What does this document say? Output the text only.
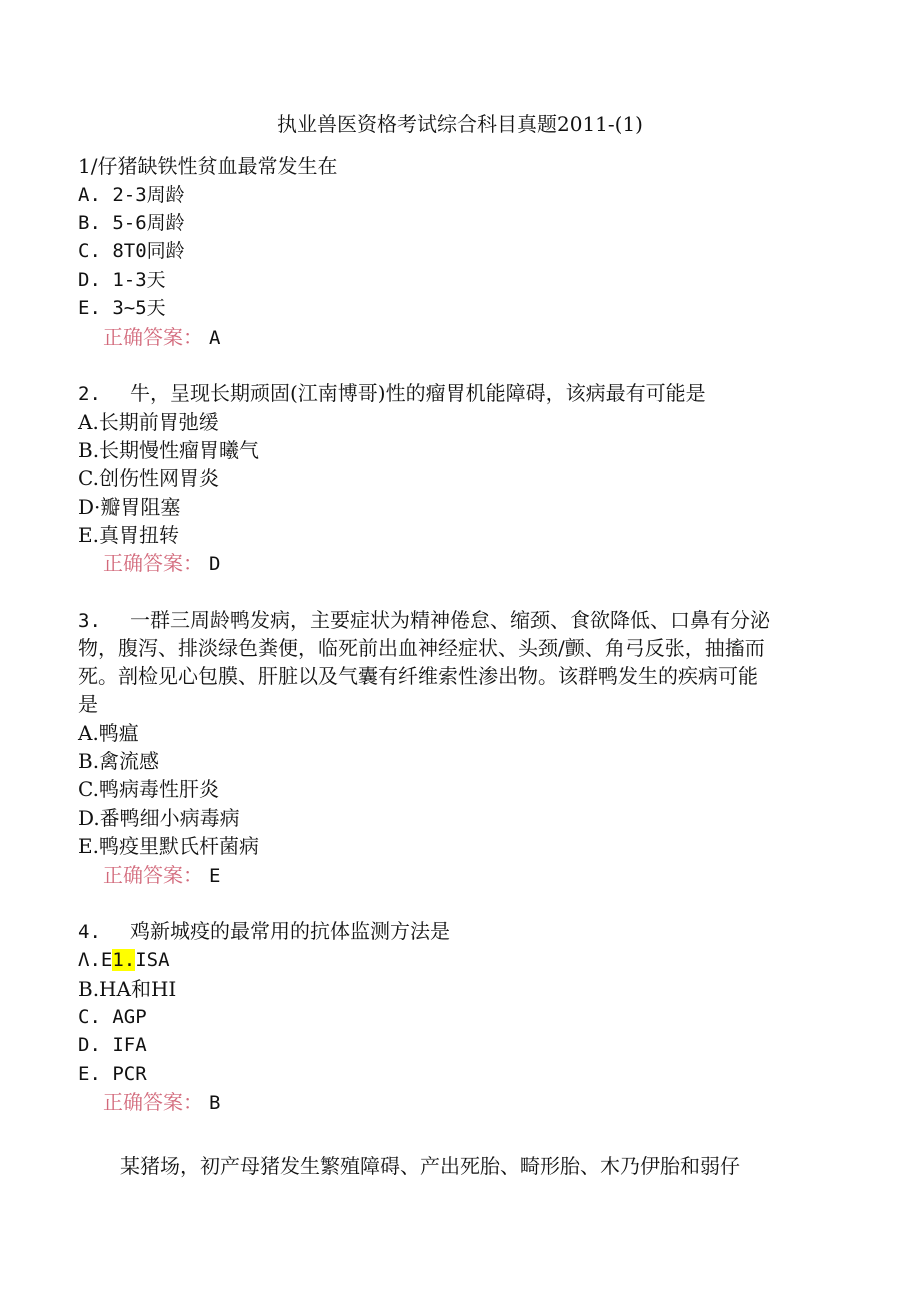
执业兽医资格考试综合科目真题2011-(1)
1/仔猪缺铁性贫血最常发生在
A. 2-3周龄
B. 5-6周龄
C. 8T0同龄
D. 1-3天
E. 3~5天
正确答案： A
2. 牛，呈现长期顽固(江南博哥)性的瘤胃机能障碍，该病最有可能是
A.长期前胃弛缓
B.长期慢性瘤胃曦气
C.创伤性网胃炎
D·瓣胃阻塞
E.真胃扭转
正确答案： D
3. 一群三周龄鸭发病，主要症状为精神倦怠、缩颈、食欲降低、口鼻有分泌
物，腹泻、排淡绿色粪便，临死前出血神经症状、头颈/颤、角弓反张，抽搐而
死。剖检见心包膜、肝脏以及气囊有纤维索性渗出物。该群鸭发生的疾病可能
是
A.鸭瘟
B.禽流感
C.鸭病毒性肝炎
D.番鸭细小病毒病
E.鸭疫里默氏杆菌病
正确答案： E
4. 鸡新城疫的最常用的抗体监测方法是
Λ.E1.ISA
B.HA和HI
C. AGP
D. IFA
E. PCR
正确答案： B
某猪场，初产母猪发生繁殖障碍、产出死胎、畸形胎、木乃伊胎和弱仔
